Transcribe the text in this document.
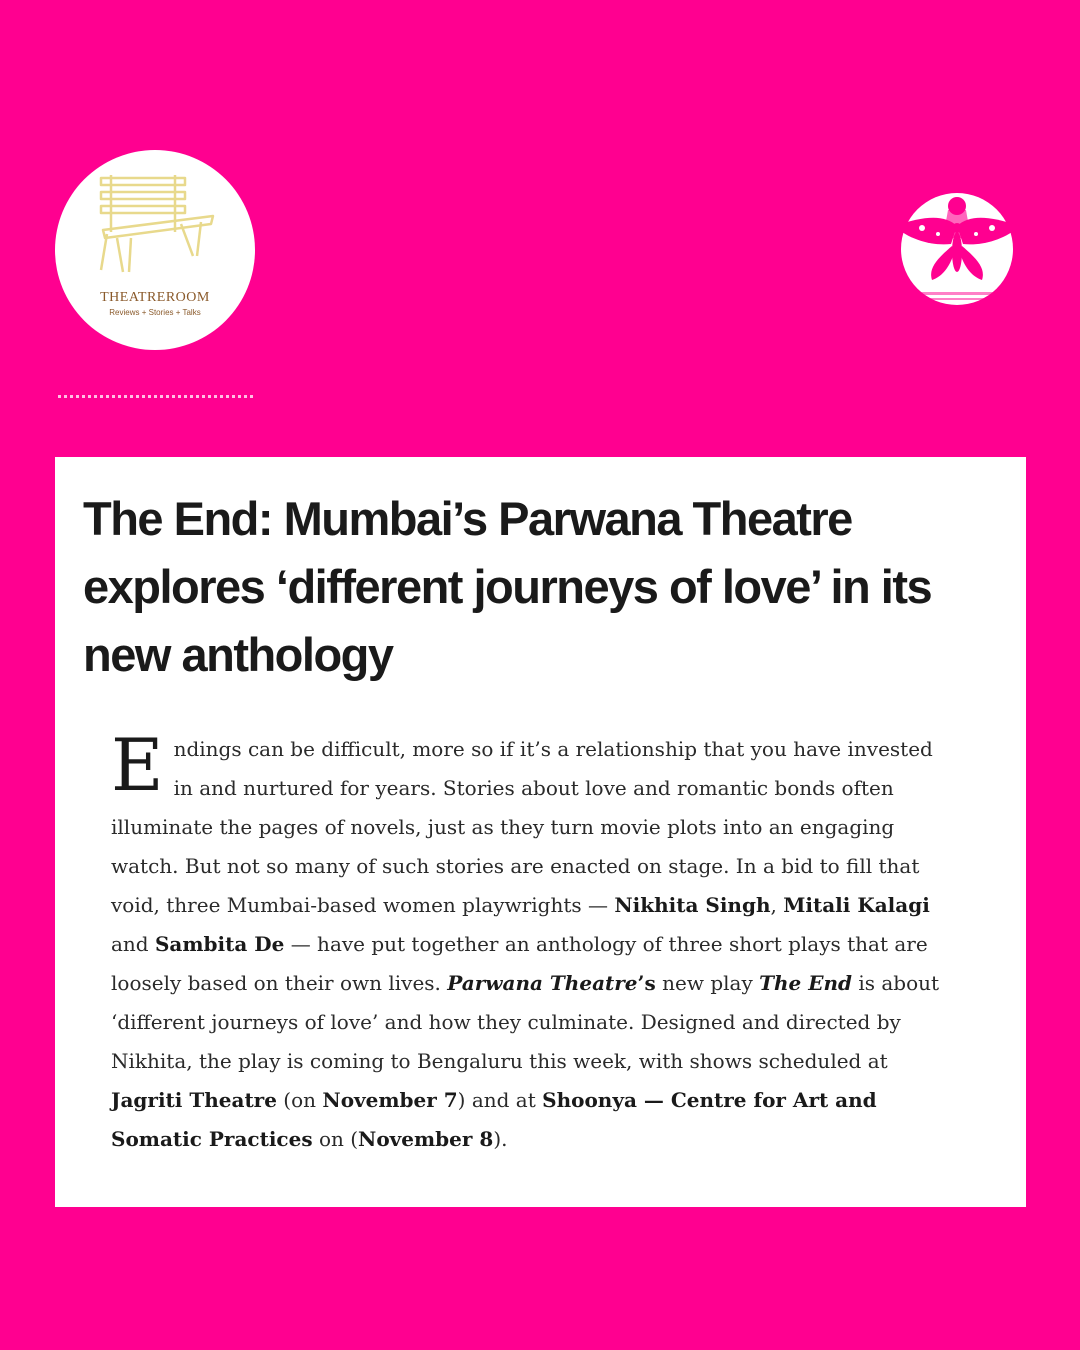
THEATREROOM
Reviews + Stories + Talks
The End: Mumbai’s Parwana Theatre explores ‘different journeys of love’ in its new anthology

Endings can be difficult, more so if it’s a relationship that you have invested in and nurtured for years. Stories about love and romantic bonds often illuminate the pages of novels, just as they turn movie plots into an engaging watch. But not so many of such stories are enacted on stage. In a bid to fill that void, three Mumbai-based women playwrights — Nikhita Singh, Mitali Kalagi and Sambita De — have put together an anthology of three short plays that are loosely based on their own lives. Parwana Theatre’s new play The End is about ‘different journeys of love’ and how they culminate. Designed and directed by Nikhita, the play is coming to Bengaluru this week, with shows scheduled at Jagriti Theatre (on November 7) and at Shoonya — Centre for Art and Somatic Practices on (November 8).
